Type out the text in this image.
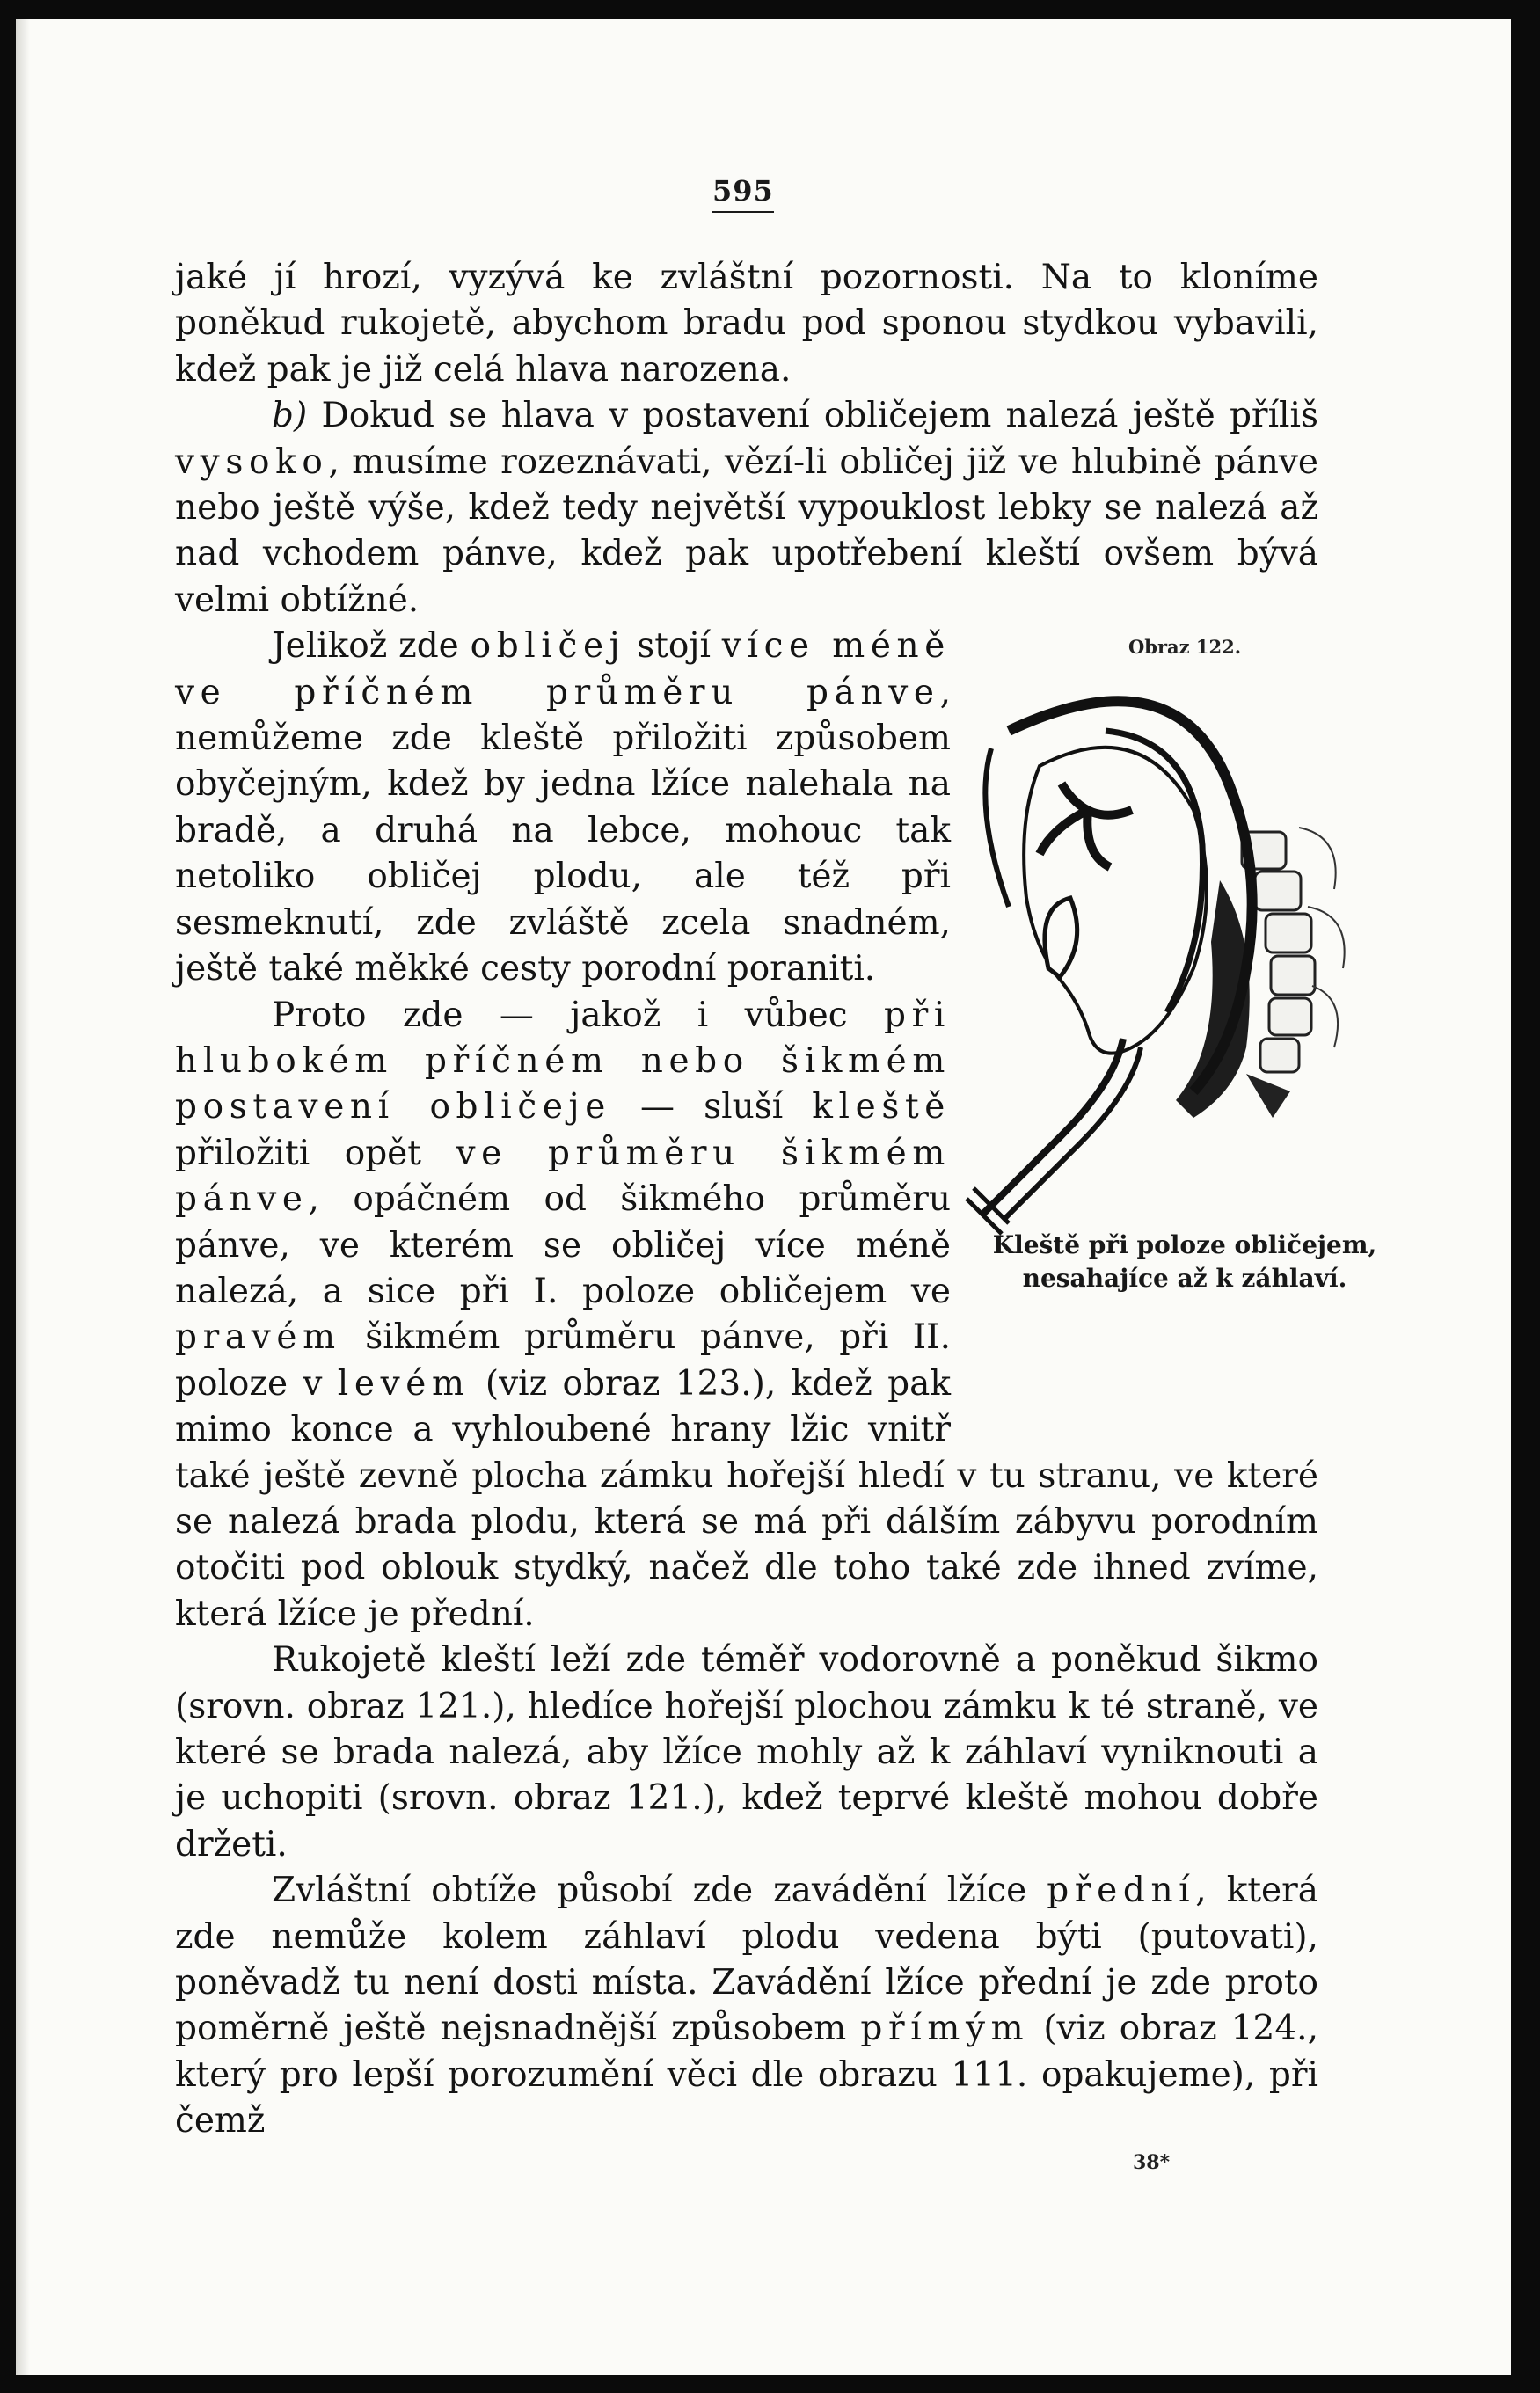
595

jaké jí hrozí, vyzývá ke zvláštní pozornosti. Na to kloníme poněkud rukojetě, abychom bradu pod sponou stydkou vybavili, kdež pak je již celá hlava narozena.

b) Dokud se hlava v postavení obličejem nalezá ještě příliš vysoko, musíme rozeznávati, vězí-li obličej již ve hlubině pánve nebo ještě výše, kdež tedy největší vypouklost lebky se nalezá až nad vchodem pánve, kdež pak upotřebení kleští ovšem bývá velmi obtížné.

Obraz 122.
Kleště při poloze obličejem,
nesahajíce až k záhlaví.

Jelikož zde obličej stojí více méně ve příčném průměru pánve, nemůžeme zde kleště přiložiti způsobem obyčejným, kdež by jedna lžíce nalehala na bradě, a druhá na lebce, mohouc tak netoliko obličej plodu, ale též při sesmeknutí, zde zvláště zcela snadném, ještě také měkké cesty porodní poraniti.

Proto zde — jakož i vůbec při hlubokém příčném nebo šikmém postavení obličeje — sluší kleště přiložiti opět ve průměru šikmém pánve, opáčném od šikmého průměru pánve, ve kterém se obličej více méně nalezá, a sice při I. poloze obličejem ve pravém šikmém průměru pánve, při II. poloze v levém (viz obraz 123.), kdež pak mimo konce a vyhloubené hrany lžic vnitř také ještě zevně plocha zámku hořejší hledí v tu stranu, ve které se nalezá brada plodu, která se má při dálším zábyvu porodním otočiti pod oblouk stydký, načež dle toho také zde ihned zvíme, která lžíce je přední.

Rukojetě kleští leží zde téměř vodorovně a poněkud šikmo (srovn. obraz 121.), hledíce hořejší plochou zámku k té straně, ve které se brada nalezá, aby lžíce mohly až k záhlaví vyniknouti a je uchopiti (srovn. obraz 121.), kdež teprvé kleště mohou dobře držeti.

Zvláštní obtíže působí zde zavádění lžíce přední, která zde nemůže kolem záhlaví plodu vedena býti (putovati), poněvadž tu není dosti místa. Zavádění lžíce přední je zde proto poměrně ještě nejsnadnější způsobem přímým (viz obraz 124., který pro lepší porozumění věci dle obrazu 111. opakujeme), při čemž

38*
